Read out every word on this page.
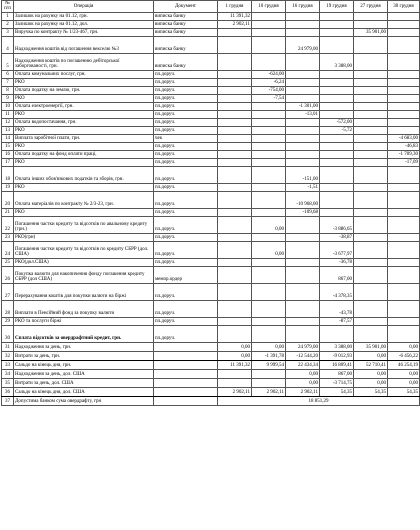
№ п/п	Операція	Документ	1 грудня	10 грудня	16 грудня	19 грудня	27 грудня	30 грудня
1	Залишок на рахунку на 01.12, грн.	виписка банку	11 391,32					
2	Залишок на рахунку на 01.12, дол.	виписка банку	2 902,11					
3	Виручка по контракту № 1/23-467, грн.	виписка банку					35 901,00	
4	Надходження коштів від погашення векселю №3	виписка банку			24 979,00			
5	Надходження коштів по погашенню дебіторської заборгованості, грн.	виписка банку				3 388,00		
6	Оплата комунальних послуг, грн.	пл.доруч.		-624,00				
7	РКО	пл.доруч.		-6,24				
8	Оплата податку на землю, грн.	пл.доруч.		-754,00				
9	РКО	пл.доруч.		-7,54				
10	Оплата електроенергії, грн.	пл.доруч.			-1 301,00			
11	РКО	пл.доруч.			-13,01			
12	Оплата водопостачання, грн.	пл.доруч.				-572,00		
13	РКО	пл.доруч.				-5,72		
14	Виплата заробітної плати, грн.	чек						-4 683,00
15	РКО	пл.доруч.						-46,83
16	Оплата податку на фонд оплати праці,	пл.доруч.						-1 709,30
17	РКО	пл.доруч.						-17,09
18	Оплата інших обов'язкових податків та зборів, грн.	пл.доруч.			-151,00			
19	РКО	пл.доруч.			-1,51			
20	Оплата матеріалів по контракту № 2/3-23, грн.	пл.доруч.			-10 968,00			
21	РКО	пл.доруч.			-109,68			
22	Погашення частки кредиту та відсотків по авальному кредиту (грн.)	пл.доруч.		0,00		-3 886,65		
23	РКО(грн)	пл.доруч.				-38,87		
24	Погашення частки кредиту та відсотків по кредиту СБРР (дол. США)	пл.доруч.		0,00		-3 677,97		
25	РКО(дол.США)	пл.доруч.				-36,78		
26	Покупка валюти для накопичення фонду погашення кредиту СБРР (дол США)	мемор.ордер				867,00		
27	Перерахування коштів для покупки валюти на біржі	пл.доруч.				-4 378,35		
28	Виплати в Пенсійний фонд за покупку валюти	пл.доруч.				-43,78		
29	РКО та послуги біржі	пл.доруч.				-87,57		
30	Сплата відсотків за овердрафтний кредит, грн.	пл.доруч.						
31	Надходження за день, грн.		0,00	0,00	24 979,00	3 388,00	35 901,00	0,00
32	Витрати за день, грн.		0,00	-1 391,78	-12 544,20	-9 012,93	0,00	-6 456,22
33	Сальдо на кінець дня, грн.		11 391,32	9 999,54	22 434,34	16 809,41	52 710,41	46 254,19
34	Надходження за день, дол. США				0,00	867,00	0,00	0,00
35	Витрати за день, дол. США				0,00	-3 714,75	0,00	0,00
36	Сальдо на кінець дня, дол. США		2 902,11	2 902,11	2 902,11	54,35	54,35	54,35
37	Допустима банком сума овердрафту, грн		18 851,29					
